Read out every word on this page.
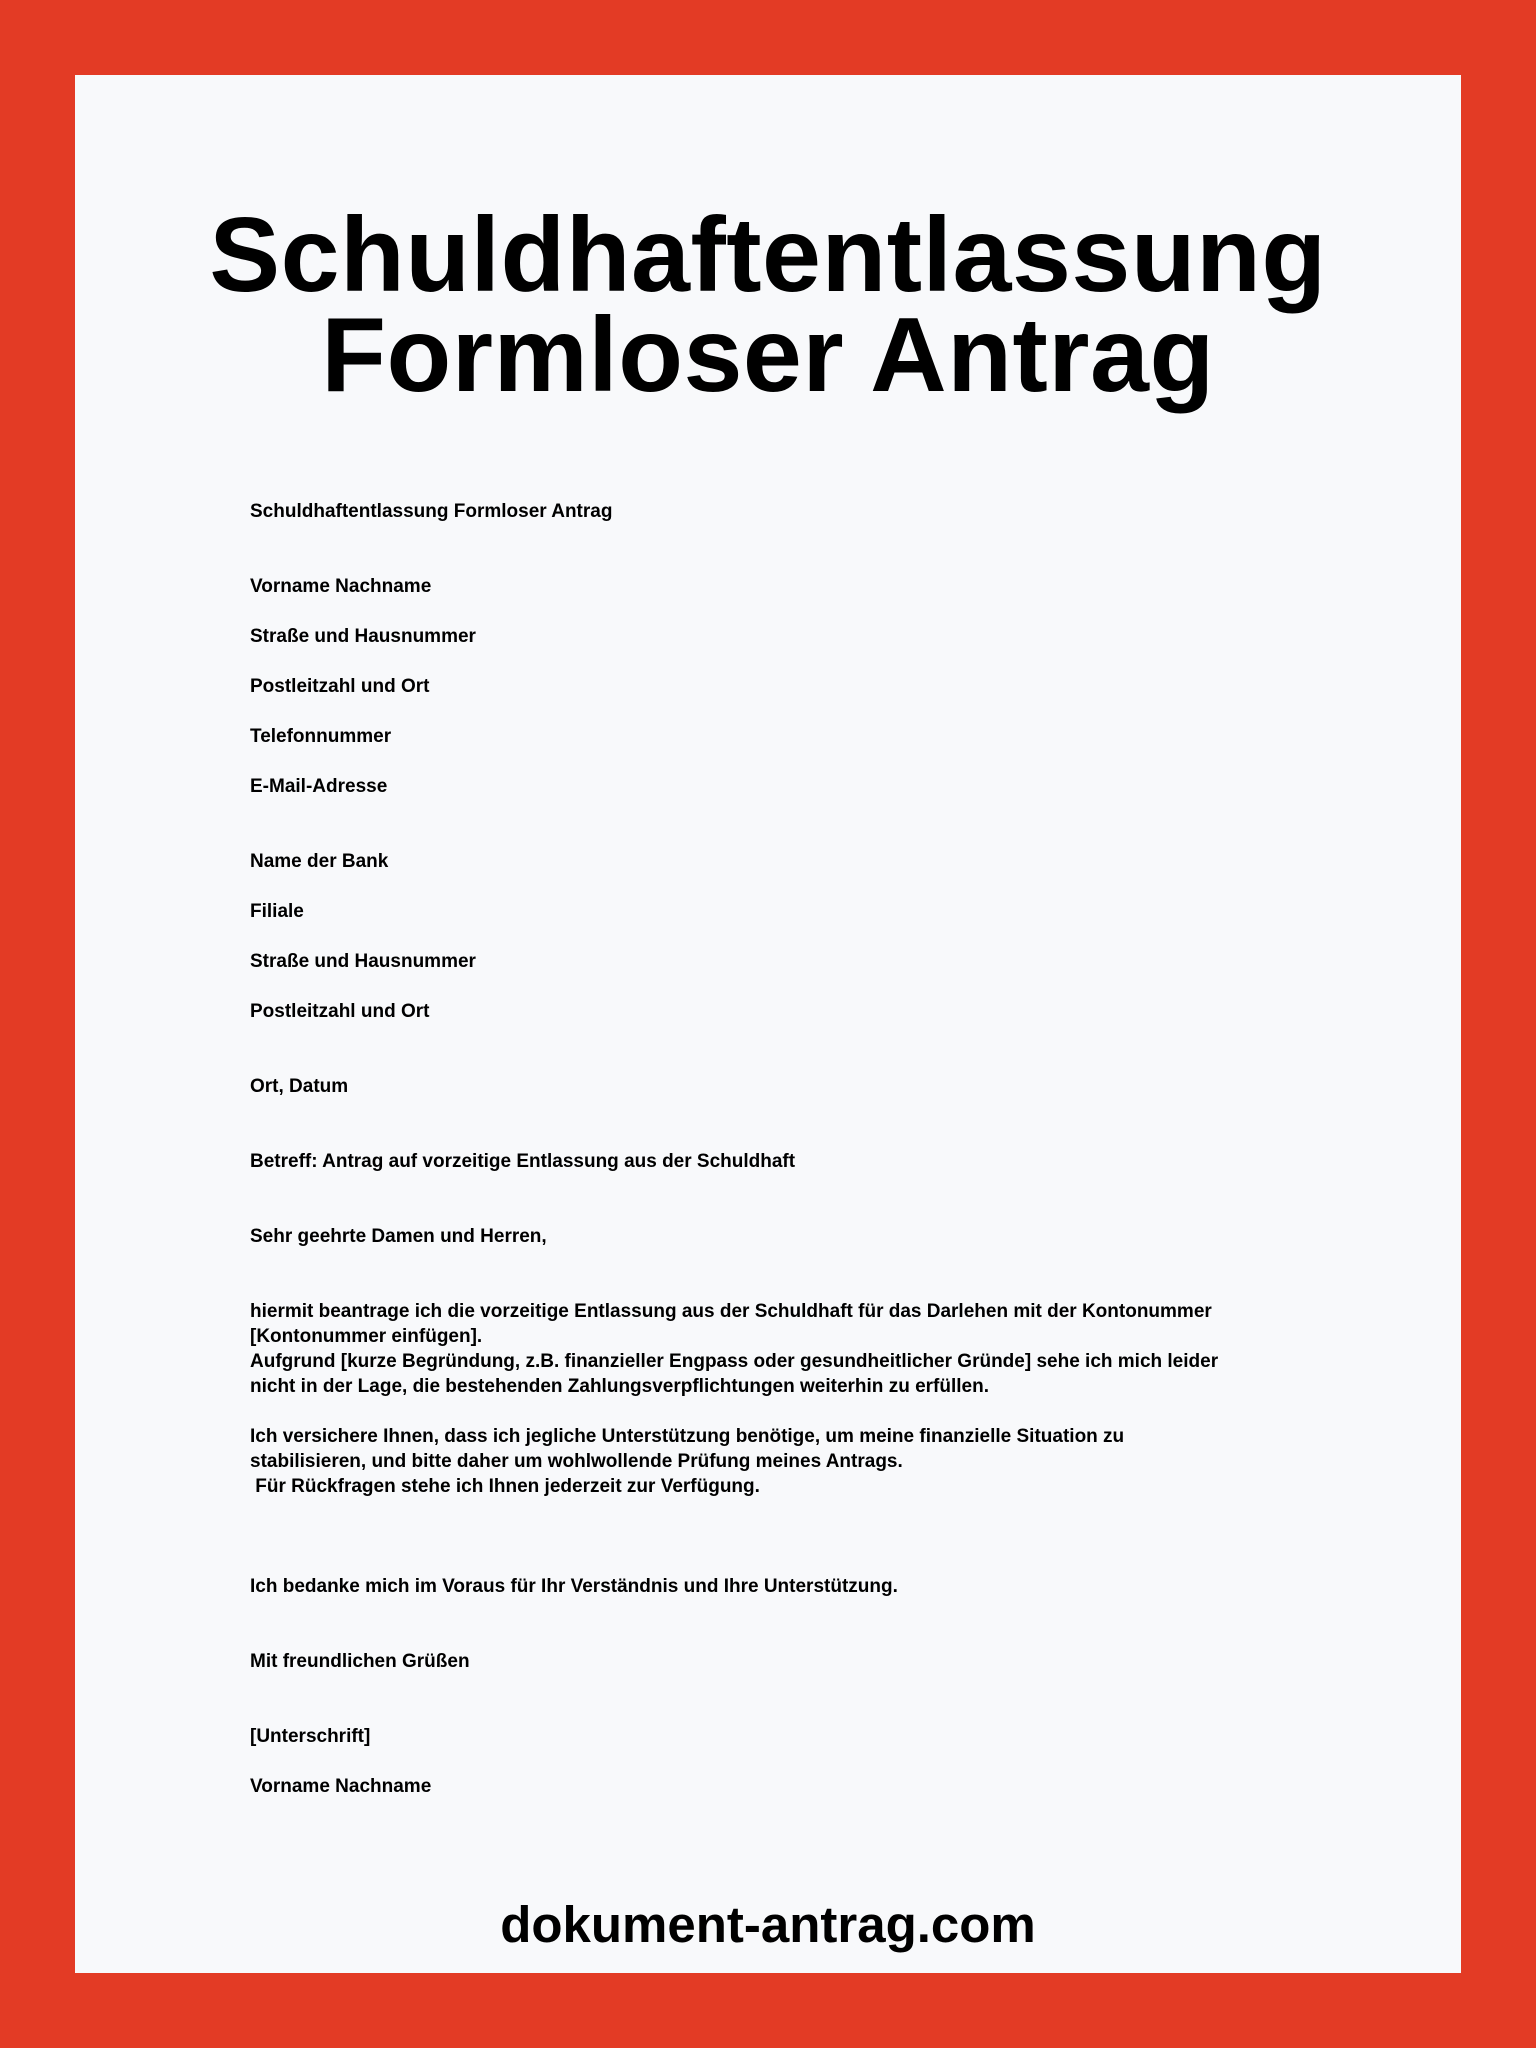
Schuldhaftentlassung
Formloser Antrag

Schuldhaftentlassung Formloser Antrag

Vorname Nachname

Straße und Hausnummer

Postleitzahl und Ort

Telefonnummer

E-Mail-Adresse

Name der Bank

Filiale

Straße und Hausnummer

Postleitzahl und Ort

Ort, Datum

Betreff: Antrag auf vorzeitige Entlassung aus der Schuldhaft

Sehr geehrte Damen und Herren,

hiermit beantrage ich die vorzeitige Entlassung aus der Schuldhaft für das Darlehen mit der Kontonummer
[Kontonummer einfügen].
Aufgrund [kurze Begründung, z.B. finanzieller Engpass oder gesundheitlicher Gründe] sehe ich mich leider
nicht in der Lage, die bestehenden Zahlungsverpflichtungen weiterhin zu erfüllen.
Ich versichere Ihnen, dass ich jegliche Unterstützung benötige, um meine finanzielle Situation zu
stabilisieren, und bitte daher um wohlwollende Prüfung meines Antrags.
Für Rückfragen stehe ich Ihnen jederzeit zur Verfügung.

Ich bedanke mich im Voraus für Ihr Verständnis und Ihre Unterstützung.

Mit freundlichen Grüßen

[Unterschrift]

Vorname Nachname

dokument-antrag.com
